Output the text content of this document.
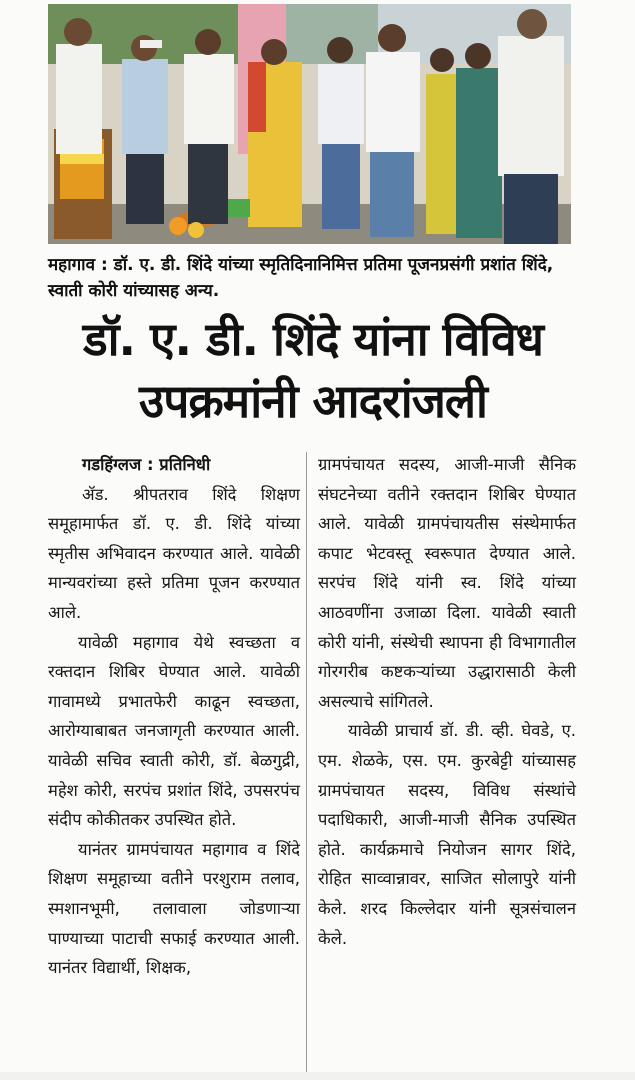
महागाव : डॉ. ए. डी. शिंदे यांच्या स्मृतिदिनानिमित्त प्रतिमा पूजनप्रसंगी प्रशांत शिंदे, स्वाती कोरी यांच्यासह अन्य.
डॉ. ए. डी. शिंदे यांना विविध
उपक्रमांनी आदरांजली
गडहिंग्लज : प्रतिनिधी
ॲड. श्रीपतराव शिंदे शिक्षण समूहामार्फत डॉ. ए. डी. शिंदे यांच्या स्मृतीस अभिवादन करण्यात आले. यावेळी मान्यवरांच्या हस्ते प्रतिमा पूजन करण्यात आले.
यावेळी महागाव येथे स्वच्छता व रक्तदान शिबिर घेण्यात आले. यावेळी गावामध्ये प्रभातफेरी काढून स्वच्छता, आरोग्याबाबत जनजागृती करण्यात आली. यावेळी सचिव स्वाती कोरी, डॉ. बेळगुद्री, महेश कोरी, सरपंच प्रशांत शिंदे, उपसरपंच संदीप कोकीतकर उपस्थित होते.
यानंतर ग्रामपंचायत महागाव व शिंदे शिक्षण समूहाच्या वतीने परशुराम तलाव, स्मशानभूमी, तलावाला जोडणाऱ्या पाण्याच्या पाटाची सफाई करण्यात आली. यानंतर विद्यार्थी, शिक्षक,
ग्रामपंचायत सदस्य, आजी-माजी सैनिक संघटनेच्या वतीने रक्तदान शिबिर घेण्यात आले. यावेळी ग्रामपंचायतीस संस्थेमार्फत कपाट भेटवस्तू स्वरूपात देण्यात आले. सरपंच शिंदे यांनी स्व. शिंदे यांच्या आठवणींना उजाळा दिला. यावेळी स्वाती कोरी यांनी, संस्थेची स्थापना ही विभागातील गोरगरीब कष्टकऱ्यांच्या उद्धारासाठी केली असल्याचे सांगितले.
यावेळी प्राचार्य डॉ. डी. व्ही. घेवडे, ए. एम. शेळके, एस. एम. कुरबेट्टी यांच्यासह ग्रामपंचायत सदस्य, विविध संस्थांचे पदाधिकारी, आजी-माजी सैनिक उपस्थित होते. कार्यक्रमाचे नियोजन सागर शिंदे, रोहित साव्वान्नावर, साजित सोलापुरे यांनी केले. शरद किल्लेदार यांनी सूत्रसंचालन केले.
